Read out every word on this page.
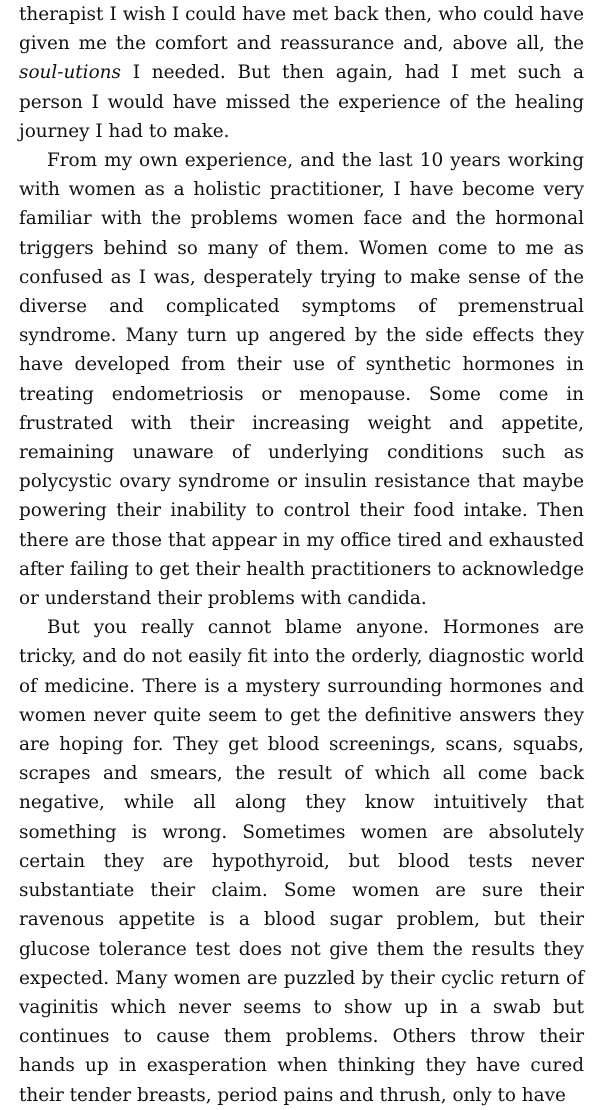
therapist I wish I could have met back then, who could have given me the comfort and reassurance and, above all, the soul-utions I needed. But then again, had I met such a person I would have missed the experience of the healing journey I had to make.

From my own experience, and the last 10 years working with women as a holistic practitioner, I have become very familiar with the problems women face and the hormonal triggers behind so many of them. Women come to me as confused as I was, desperately trying to make sense of the diverse and complicated symptoms of premenstrual syndrome. Many turn up angered by the side effects they have developed from their use of synthetic hormones in treating endometriosis or menopause. Some come in frustrated with their increasing weight and appetite, remaining unaware of underlying conditions such as polycystic ovary syndrome or insulin resistance that maybe powering their inability to control their food intake. Then there are those that appear in my office tired and exhausted after failing to get their health practitioners to acknowledge or understand their problems with candida.

But you really cannot blame anyone. Hormones are tricky, and do not easily fit into the orderly, diagnostic world of medicine. There is a mystery surrounding hormones and women never quite seem to get the definitive answers they are hoping for. They get blood screenings, scans, squabs, scrapes and smears, the result of which all come back negative, while all along they know intuitively that something is wrong. Sometimes women are absolutely certain they are hypothyroid, but blood tests never substantiate their claim. Some women are sure their ravenous appetite is a blood sugar problem, but their glucose tolerance test does not give them the results they expected. Many women are puzzled by their cyclic return of vaginitis which never seems to show up in a swab but continues to cause them problems. Others throw their hands up in exasperation when thinking they have cured their tender breasts, period pains and thrush, only to have
